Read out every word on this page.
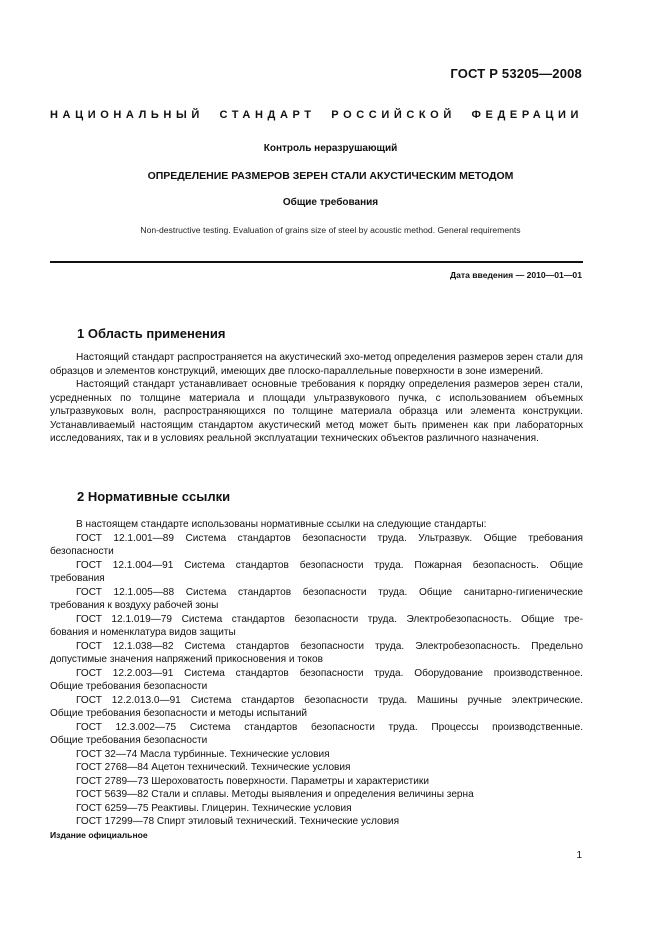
ГОСТ Р 53205—2008
НАЦИОНАЛЬНЫЙ СТАНДАРТ РОССИЙСКОЙ ФЕДЕРАЦИИ
Контроль неразрушающий
ОПРЕДЕЛЕНИЕ РАЗМЕРОВ ЗЕРЕН СТАЛИ АКУСТИЧЕСКИМ МЕТОДОМ
Общие требования
Non-destructive testing. Evaluation of grains size of steel by acoustic method. General requirements
Дата введения — 2010—01—01
1 Область применения

Настоящий стандарт распространяется на акустический эхо-метод определения размеров зерен стали для образцов и элементов конструкций, имеющих две плоско-параллельные поверхности в зоне измерений.

Настоящий стандарт устанавливает основные требования к порядку определения размеров зерен стали, усредненных по толщине материала и площади ультразвукового пучка, с использованием объемных ультразвуковых волн, распространяющихся по толщине материала образца или элемента конструкции. Устанавливаемый настоящим стандартом акустический метод может быть применен как при лабораторных исследованиях, так и в условиях реальной эксплуатации технических объектов различного назначения.

2 Нормативные ссылки
В настоящем стандарте использованы нормативные ссылки на следующие стандарты:
ГОСТ 12.1.001—89 Система стандартов безопасности труда. Ультразвук. Общие требования
безопасности
ГОСТ 12.1.004—91 Система стандартов безопасности труда. Пожарная безопасность. Общие
требования
ГОСТ 12.1.005—88 Система стандартов безопасности труда. Общие санитарно-гигиенические
требования к воздуху рабочей зоны
ГОСТ 12.1.019—79 Система стандартов безопасности труда. Электробезопасность. Общие тре-
бования и номенклатура видов защиты
ГОСТ 12.1.038—82 Система стандартов безопасности труда. Электробезопасность. Предельно
допустимые значения напряжений прикосновения и токов
ГОСТ 12.2.003—91 Система стандартов безопасности труда. Оборудование производственное.
Общие требования безопасности
ГОСТ 12.2.013.0—91 Система стандартов безопасности труда. Машины ручные электрические.
Общие требования безопасности и методы испытаний
ГОСТ 12.3.002—75 Система стандартов безопасности труда. Процессы производственные.
Общие требования безопасности
ГОСТ 32—74 Масла турбинные. Технические условия
ГОСТ 2768—84 Ацетон технический. Технические условия
ГОСТ 2789—73 Шероховатость поверхности. Параметры и характеристики
ГОСТ 5639—82 Стали и сплавы. Методы выявления и определения величины зерна
ГОСТ 6259—75 Реактивы. Глицерин. Технические условия
ГОСТ 17299—78 Спирт этиловый технический. Технические условия
Издание официальное
1
